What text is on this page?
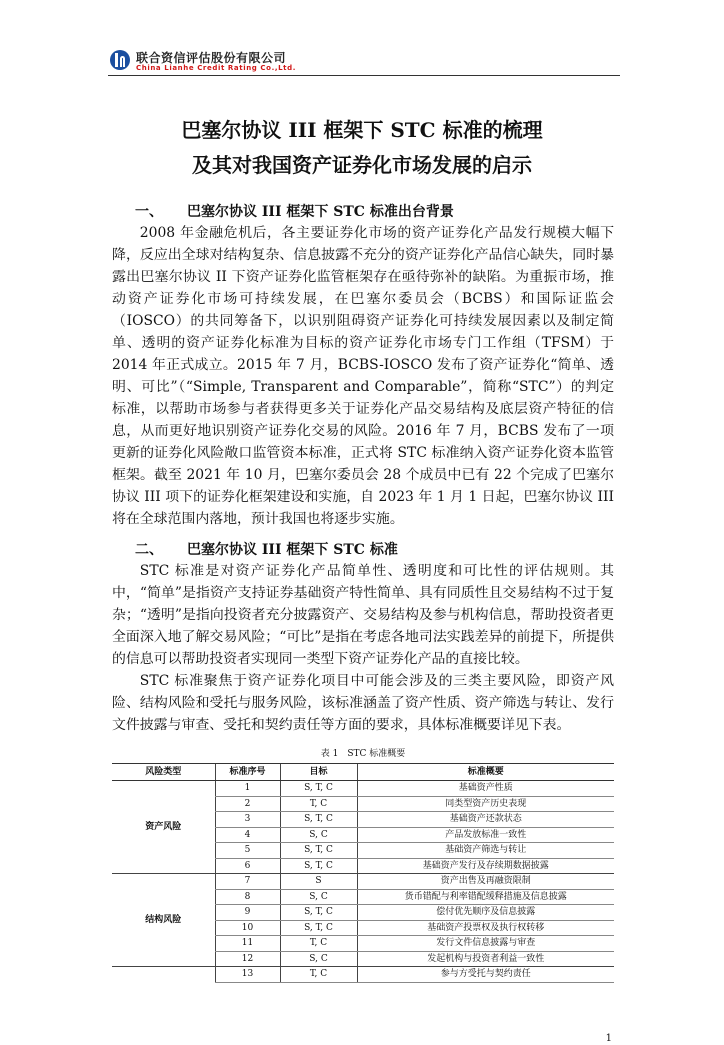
联合资信评估股份有限公司
China Lianhe Credit Rating Co.,Ltd.
巴塞尔协议 III 框架下 STC 标准的梳理
及其对我国资产证券化市场发展的启示
一、 巴塞尔协议 III 框架下 STC 标准出台背景

2008 年金融危机后，各主要证券化市场的资产证券化产品发行规模大幅下降，反应出全球对结构复杂、信息披露不充分的资产证券化产品信心缺失，同时暴露出巴塞尔协议 II 下资产证券化监管框架存在亟待弥补的缺陷。为重振市场，推动资产证券化市场可持续发展，在巴塞尔委员会（BCBS）和国际证监会（IOSCO）的共同筹备下，以识别阻碍资产证券化可持续发展因素以及制定简单、透明的资产证券化标准为目标的资产证券化市场专门工作组（TFSM）于 2014 年正式成立。2015 年 7 月，BCBS-IOSCO 发布了资产证券化“简单、透明、可比”（“Simple, Transparent and Comparable”，简称“STC”）的判定标准，以帮助市场参与者获得更多关于证券化产品交易结构及底层资产特征的信息，从而更好地识别资产证券化交易的风险。2016 年 7 月，BCBS 发布了一项更新的证券化风险敞口监管资本标准，正式将 STC 标准纳入资产证券化资本监管框架。截至 2021 年 10 月，巴塞尔委员会 28 个成员中已有 22 个完成了巴塞尔协议 III 项下的证券化框架建设和实施，自 2023 年 1 月 1 日起，巴塞尔协议 III 将在全球范围内落地，预计我国也将逐步实施。

二、 巴塞尔协议 III 框架下 STC 标准

STC 标准是对资产证券化产品简单性、透明度和可比性的评估规则。其中，“简单”是指资产支持证券基础资产特性简单、具有同质性且交易结构不过于复杂；“透明”是指向投资者充分披露资产、交易结构及参与机构信息，帮助投资者更全面深入地了解交易风险；“可比”是指在考虑各地司法实践差异的前提下，所提供的信息可以帮助投资者实现同一类型下资产证券化产品的直接比较。

STC 标准聚焦于资产证券化项目中可能会涉及的三类主要风险，即资产风险、结构风险和受托与服务风险，该标准涵盖了资产性质、资产筛选与转让、发行文件披露与审查、受托和契约责任等方面的要求，具体标准概要详见下表。

表 1　STC 标准概要
风险类型	标准序号	目标	标准概要
资产风险	1	S, T, C	基础资产性质
	2	T, C	同类型资产历史表现
	3	S, T, C	基础资产还款状态
	4	S, C	产品发放标准一致性
	5	S, T, C	基础资产筛选与转让
	6	S, T, C	基础资产发行及存续期数据披露
结构风险	7	S	资产出售及再融资限制
	8	S, C	货币错配与利率错配缓释措施及信息披露
	9	S, T, C	偿付优先顺序及信息披露
	10	S, T, C	基础资产投票权及执行权转移
	11	T, C	发行文件信息披露与审查
	12	S, C	发起机构与投资者利益一致性
	13	T, C	参与方受托与契约责任
1
